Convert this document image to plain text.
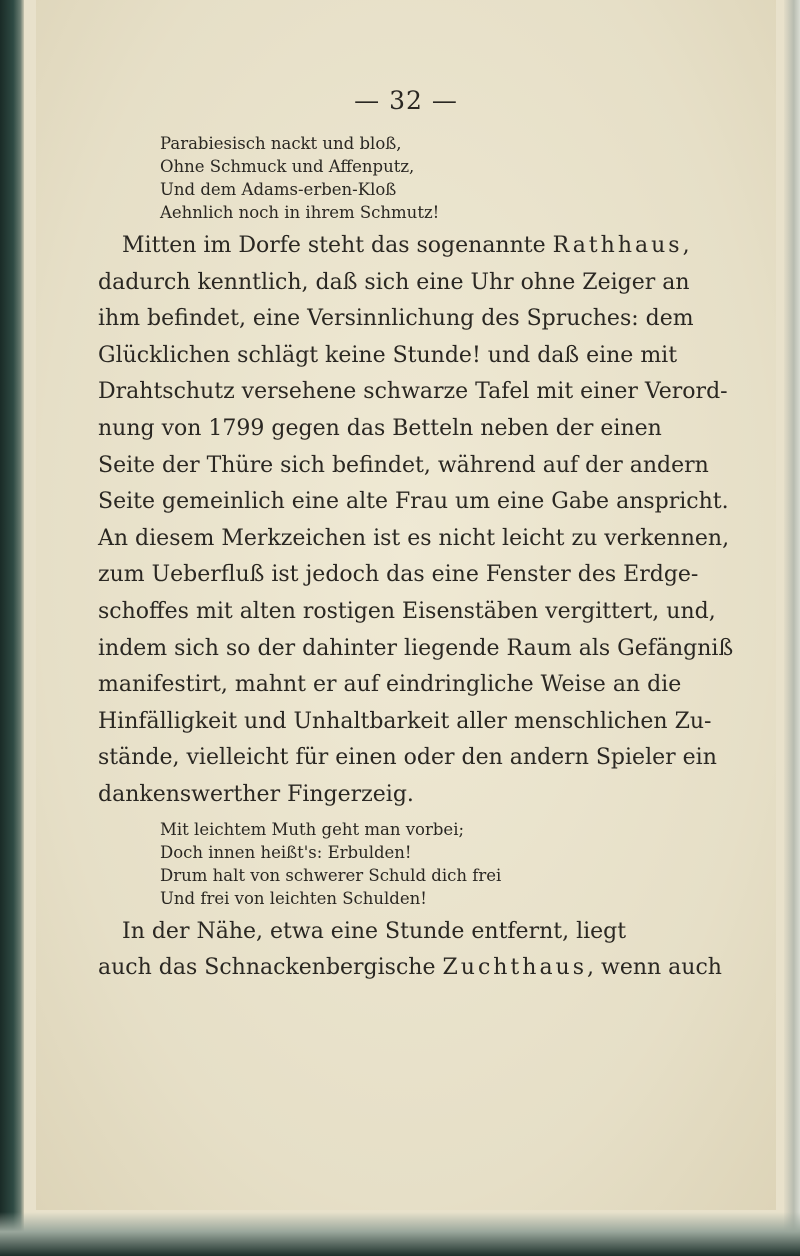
— 32 —

Parabiesisch nackt und bloß,

Ohne Schmuck und Affenputz,

Und dem Adams-erben-Kloß

Aehnlich noch in ihrem Schmutz!

Mitten im Dorfe steht das sogenannte Rathhaus,
dadurch kenntlich, daß sich eine Uhr ohne Zeiger an
ihm befindet, eine Versinnlichung des Spruches: dem
Glücklichen schlägt keine Stunde! und daß eine mit
Drahtschutz versehene schwarze Tafel mit einer Verord-
nung von 1799 gegen das Betteln neben der einen
Seite der Thüre sich befindet, während auf der andern
Seite gemeinlich eine alte Frau um eine Gabe anspricht.
An diesem Merkzeichen ist es nicht leicht zu verkennen,
zum Ueberfluß ist jedoch das eine Fenster des Erdge-
schoffes mit alten rostigen Eisenstäben vergittert, und,
indem sich so der dahinter liegende Raum als Gefängniß
manifestirt, mahnt er auf eindringliche Weise an die
Hinfälligkeit und Unhaltbarkeit aller menschlichen Zu-
stände, vielleicht für einen oder den andern Spieler ein
dankenswerther Fingerzeig.

Mit leichtem Muth geht man vorbei;

Doch innen heißt's: Erbulden!

Drum halt von schwerer Schuld dich frei

Und frei von leichten Schulden!

In der Nähe, etwa eine Stunde entfernt, liegt
auch das Schnackenbergische Zuchthaus, wenn auch
